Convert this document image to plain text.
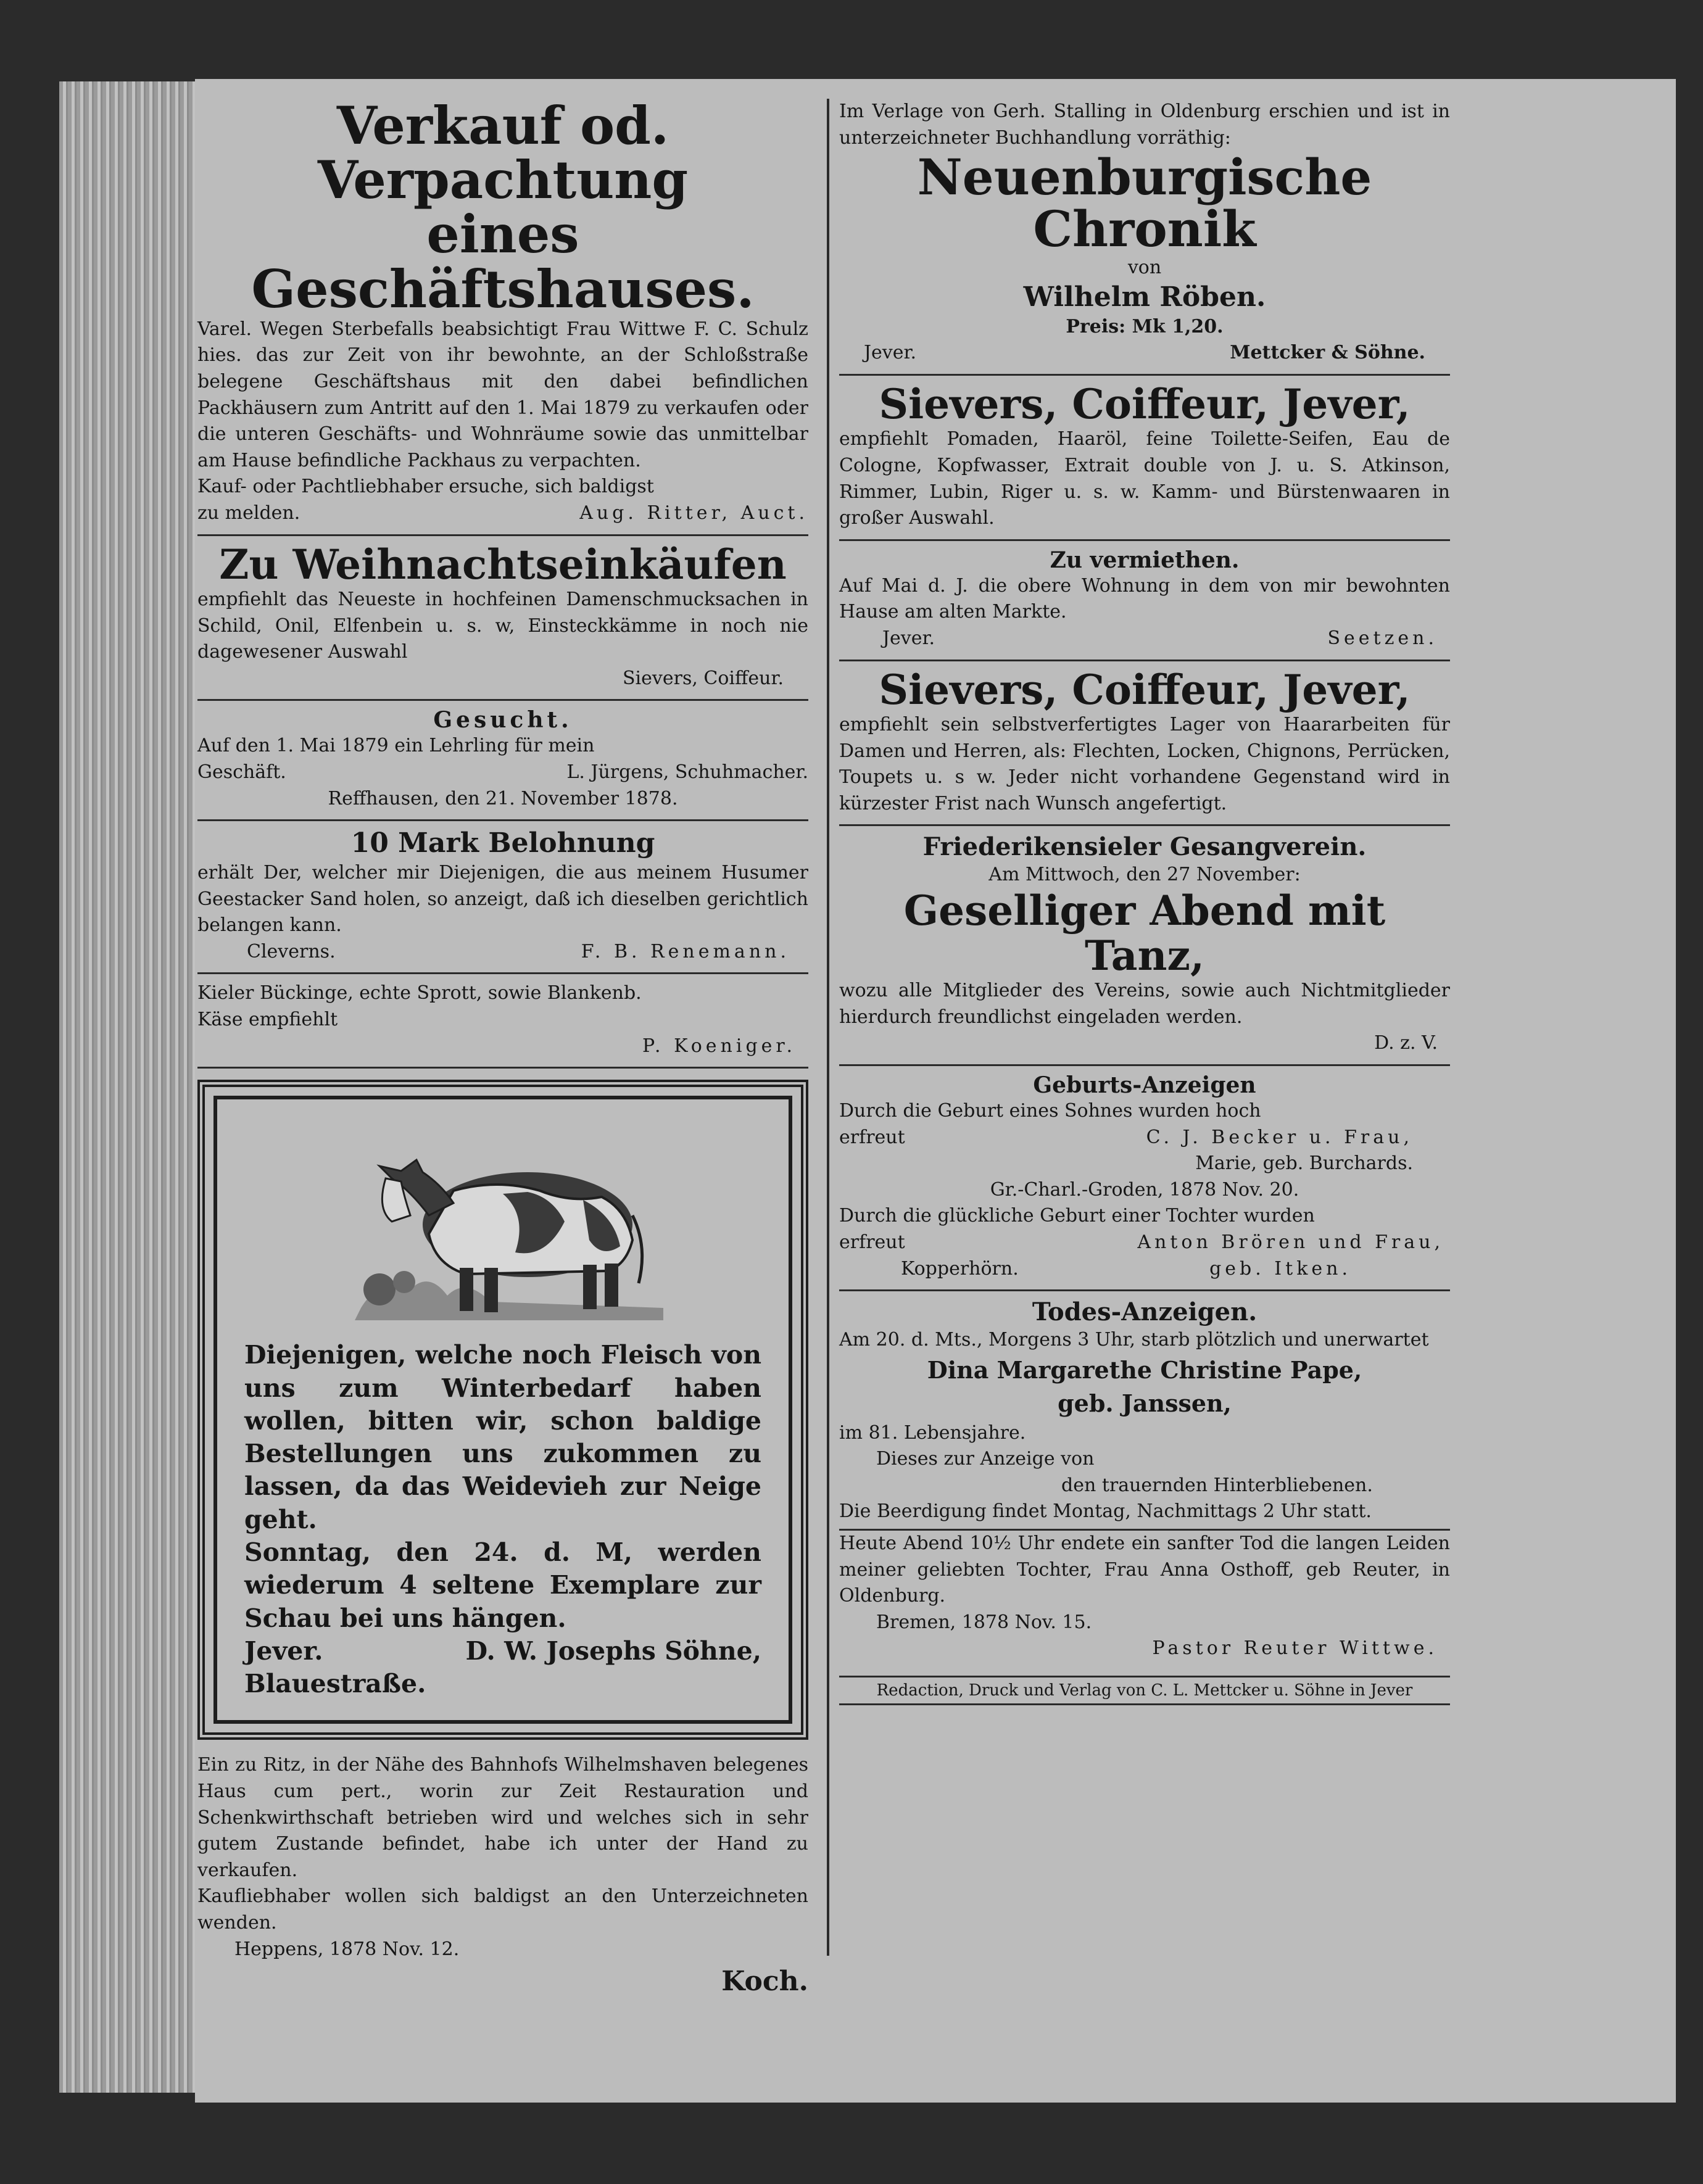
Verkauf od. Verpachtung
eines Geschäftshauses.

Varel. Wegen Sterbefalls beabsichtigt Frau Wittwe F. C. Schulz hies. das zur Zeit von ihr bewohnte, an der Schloßstraße belegene Geschäftshaus mit den dabei befindlichen Packhäusern zum Antritt auf den 1. Mai 1879 zu verkaufen oder die unteren Geschäfts- und Wohnräume sowie das unmittelbar am Hause befindliche Packhaus zu verpachten.

Kauf- oder Pachtliebhaber ersuche, sich baldigst

zu melden.	Aug. Ritter, Auct.
Zu Weihnachtseinkäufen

empfiehlt das Neueste in hochfeinen Damenschmucksachen in Schild, Onil, Elfenbein u. s. w, Einsteckkämme in noch nie dagewesener Auswahl

Sievers, Coiffeur.

Gesucht.

Auf den 1. Mai 1879 ein Lehrling für mein

Geschäft.	L. Jürgens, Schuhmacher.

Reffhausen, den 21. November 1878.

10 Mark Belohnung

erhält Der, welcher mir Diejenigen, die aus meinem Husumer Geestacker Sand holen, so anzeigt, daß ich dieselben gerichtlich belangen kann.

Cleverns.	F. B. Renemann.

Kieler Bückinge, echte Sprott, sowie Blankenb.

Käse empfiehlt

P. Koeniger.

Diejenigen, welche noch Fleisch von uns zum Winterbedarf haben wollen, bitten wir, schon baldige Bestellungen uns zukommen zu lassen, da das Weidevieh zur Neige geht.

Sonntag, den 24. d. M, werden wiederum 4 seltene Exemplare zur Schau bei uns hängen.

Jever.	D. W. Josephs Söhne,

Blauestraße.

Ein zu Ritz, in der Nähe des Bahnhofs Wilhelmshaven belegenes Haus cum pert., worin zur Zeit Restauration und Schenkwirthschaft betrieben wird und welches sich in sehr gutem Zustande befindet, habe ich unter der Hand zu verkaufen.

Kaufliebhaber wollen sich baldigst an den Unterzeichneten wenden.

Heppens, 1878 Nov. 12.

Koch.

Im Verlage von Gerh. Stalling in Oldenburg erschien und ist in unterzeichneter Buchhandlung vorräthig:

Neuenburgische Chronik

von

Wilhelm Röben.

Preis: Mk 1,20.

Jever.	Mettcker & Söhne.
Sievers, Coiffeur, Jever,

empfiehlt Pomaden, Haaröl, feine Toilette-Seifen, Eau de Cologne, Kopfwasser, Extrait double von J. u. S. Atkinson, Rimmer, Lubin, Riger u. s. w. Kamm- und Bürstenwaaren in großer Auswahl.

Zu vermiethen.

Auf Mai d. J. die obere Wohnung in dem von mir bewohnten Hause am alten Markte.

Jever.	Seetzen.
Sievers, Coiffeur, Jever,

empfiehlt sein selbstverfertigtes Lager von Haararbeiten für Damen und Herren, als: Flechten, Locken, Chignons, Perrücken, Toupets u. s w. Jeder nicht vorhandene Gegenstand wird in kürzester Frist nach Wunsch angefertigt.

Friederikensieler Gesangverein.

Am Mittwoch, den 27 November:

Geselliger Abend mit
Tanz,

wozu alle Mitglieder des Vereins, sowie auch Nichtmitglieder hierdurch freundlichst eingeladen werden.

D. z. V.

Geburts-Anzeigen

Durch die Geburt eines Sohnes wurden hoch

erfreut	C. J. Becker u. Frau,

Marie, geb. Burchards.

Gr.-Charl.-Groden, 1878 Nov. 20.

Durch die glückliche Geburt einer Tochter wurden

erfreut	Anton Brören und Frau,
Kopperhörn.	geb. Itken.
Todes-Anzeigen.

Am 20. d. Mts., Morgens 3 Uhr, starb plötzlich und unerwartet

Dina Margarethe Christine Pape,

geb. Janssen,

im 81. Lebensjahre.

Dieses zur Anzeige von

den trauernden Hinterbliebenen.

Die Beerdigung findet Montag, Nachmittags 2 Uhr statt.

Heute Abend 10½ Uhr endete ein sanfter Tod die langen Leiden meiner geliebten Tochter, Frau Anna Osthoff, geb Reuter, in Oldenburg.

Bremen, 1878 Nov. 15.

Pastor Reuter Wittwe.

Redaction, Druck und Verlag von C. L. Mettcker u. Söhne in Jever
